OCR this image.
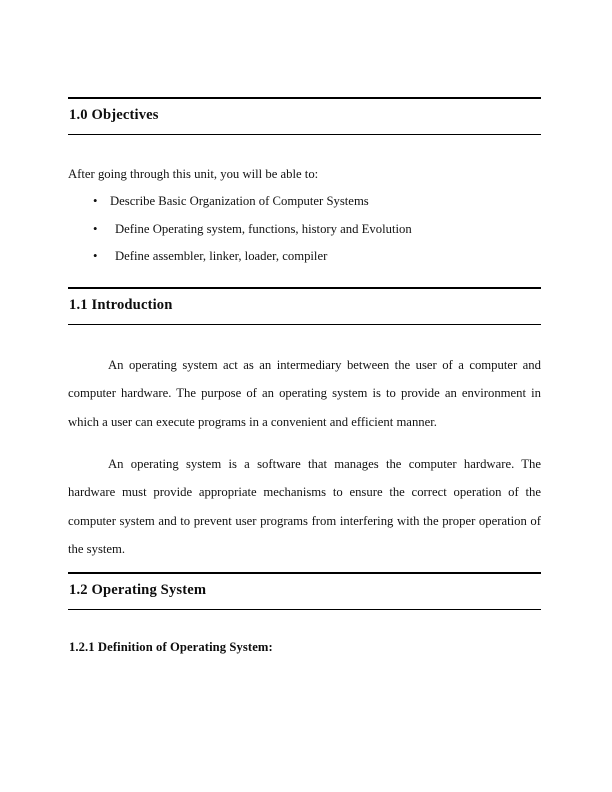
1.0 Objectives

After going through this unit, you will be able to:

• Describe Basic Organization of Computer Systems
• Define Operating system, functions, history and Evolution
• Define assembler, linker, loader, compiler
1.1 Introduction

An operating system act as an intermediary between the user of a computer and computer hardware. The purpose of an operating system is to provide an environment in which a user can execute programs in a convenient and efficient manner.

An operating system is a software that manages the computer hardware. The hardware must provide appropriate mechanisms to ensure the correct operation of the computer system and to prevent user programs from interfering with the proper operation of the system.

1.2 Operating System
1.2.1 Definition of Operating System:
